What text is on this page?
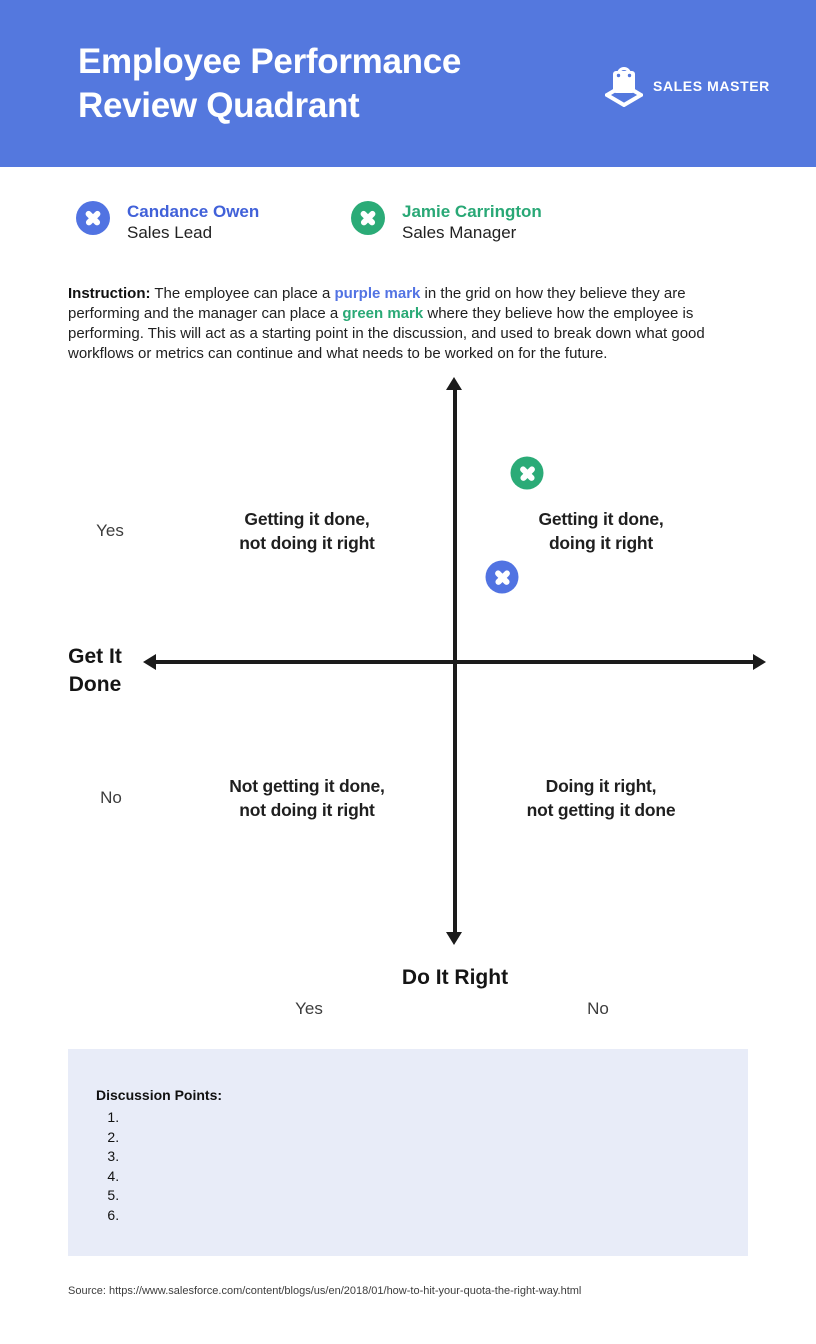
Employee Performance
Review Quadrant	SALES MASTER
Candance Owen
Sales Lead
Jamie Carrington
Sales Manager

Instruction: The employee can place a purple mark in the grid on how they believe they are performing and the manager can place a green mark where they believe how the employee is performing. This will act as a starting point in the discussion, and used to break down what good workflows or metrics can continue and what needs to be worked on for the future.

Getting it done,
not doing it right
Getting it done,
doing it right
Not getting it done,
not doing it right
Doing it right,
not getting it done
Yes
No
Yes	No
Get It
Done
Do It Right
Discussion Points:
1.
2.
3.
4.
5.
6.
Source: https://www.salesforce.com/content/blogs/us/en/2018/01/how-to-hit-your-quota-the-right-way.html
